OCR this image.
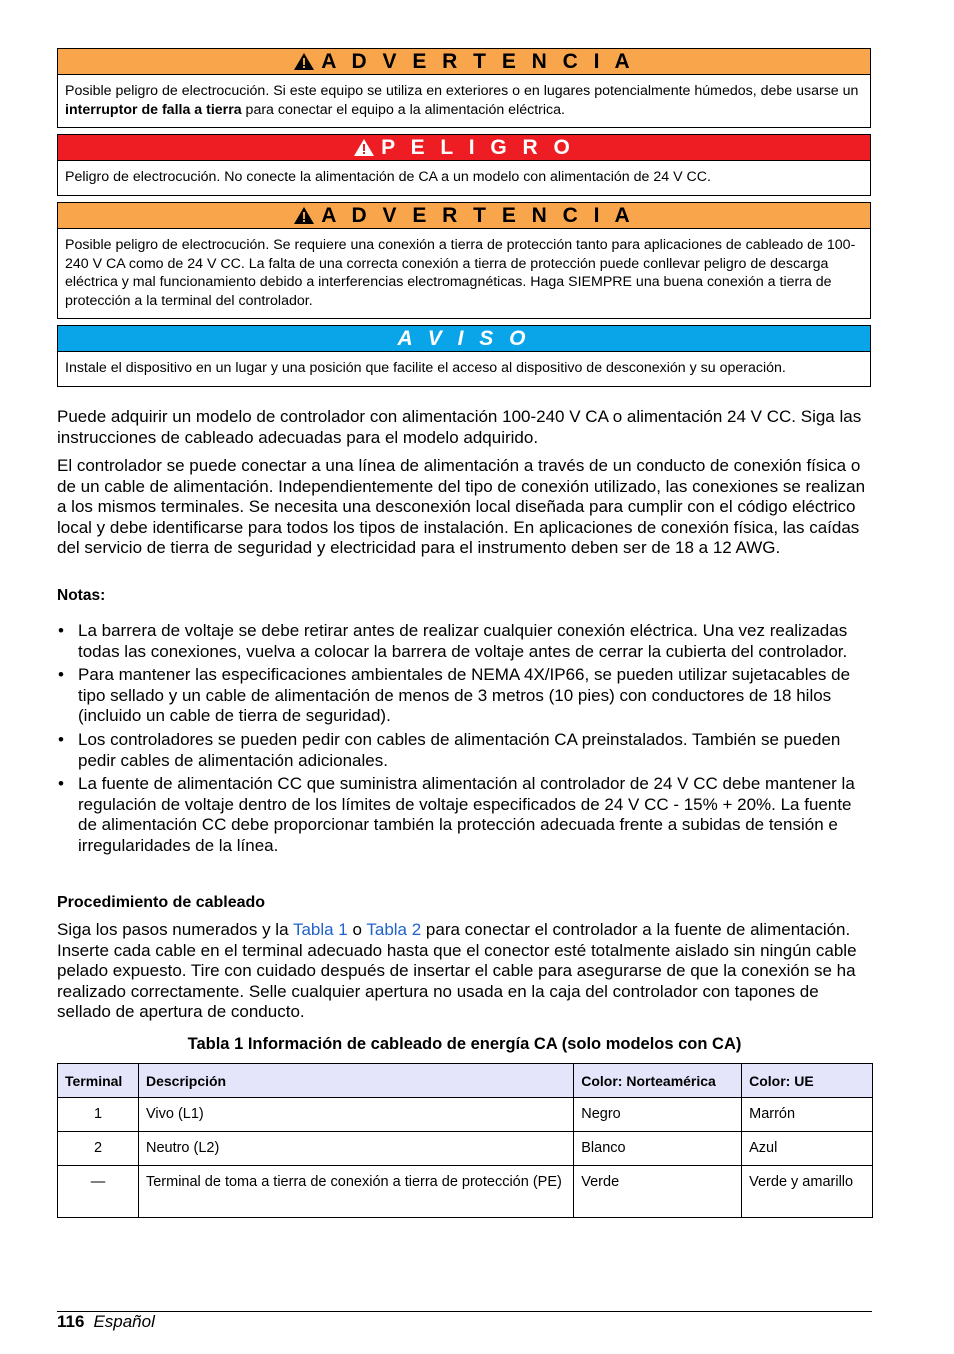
A D V E R T E N C I A
Posible peligro de electrocución. Si este equipo se utiliza en exteriores o en lugares potencialmente húmedos, debe usarse un interruptor de falla a tierra para conectar el equipo a la alimentación eléctrica.
P E L I G R O
Peligro de electrocución. No conecte la alimentación de CA a un modelo con alimentación de 24 V CC.
A D V E R T E N C I A
Posible peligro de electrocución. Se requiere una conexión a tierra de protección tanto para aplicaciones de cableado de 100-240 V CA como de 24 V CC. La falta de una correcta conexión a tierra de protección puede conllevar peligro de descarga eléctrica y mal funcionamiento debido a interferencias electromagnéticas. Haga SIEMPRE una buena conexión a tierra de protección a la terminal del controlador.
A V I S O
Instale el dispositivo en un lugar y una posición que facilite el acceso al dispositivo de desconexión y su operación.
Puede adquirir un modelo de controlador con alimentación 100-240 V CA o alimentación 24 V CC. Siga las instrucciones de cableado adecuadas para el modelo adquirido.
El controlador se puede conectar a una línea de alimentación a través de un conducto de conexión física o de un cable de alimentación. Independientemente del tipo de conexión utilizado, las conexiones se realizan a los mismos terminales. Se necesita una desconexión local diseñada para cumplir con el código eléctrico local y debe identificarse para todos los tipos de instalación. En aplicaciones de conexión física, las caídas del servicio de tierra de seguridad y electricidad para el instrumento deben ser de 18 a 12 AWG.
Notas:
• La barrera de voltaje se debe retirar antes de realizar cualquier conexión eléctrica. Una vez realizadas todas las conexiones, vuelva a colocar la barrera de voltaje antes de cerrar la cubierta del controlador.
• Para mantener las especificaciones ambientales de NEMA 4X/IP66, se pueden utilizar sujetacables de tipo sellado y un cable de alimentación de menos de 3 metros (10 pies) con conductores de 18 hilos (incluido un cable de tierra de seguridad).
• Los controladores se pueden pedir con cables de alimentación CA preinstalados. También se pueden pedir cables de alimentación adicionales.
• La fuente de alimentación CC que suministra alimentación al controlador de 24 V CC debe mantener la regulación de voltaje dentro de los límites de voltaje especificados de 24 V CC - 15% + 20%. La fuente de alimentación CC debe proporcionar también la protección adecuada frente a subidas de tensión e irregularidades de la línea.
Procedimiento de cableado
Siga los pasos numerados y la Tabla 1 o Tabla 2 para conectar el controlador a la fuente de alimentación. Inserte cada cable en el terminal adecuado hasta que el conector esté totalmente aislado sin ningún cable pelado expuesto. Tire con cuidado después de insertar el cable para asegurarse de que la conexión se ha realizado correctamente. Selle cualquier apertura no usada en la caja del controlador con tapones de sellado de apertura de conducto.
Tabla 1 Información de cableado de energía CA (solo modelos con CA)
Terminal	Descripción	Color: Norteamérica	Color: UE
1	Vivo (L1)	Negro	Marrón
2	Neutro (L2)	Blanco	Azul
—	Terminal de toma a tierra de conexión a tierra de protección (PE)	Verde	Verde y amarillo
116 Español
